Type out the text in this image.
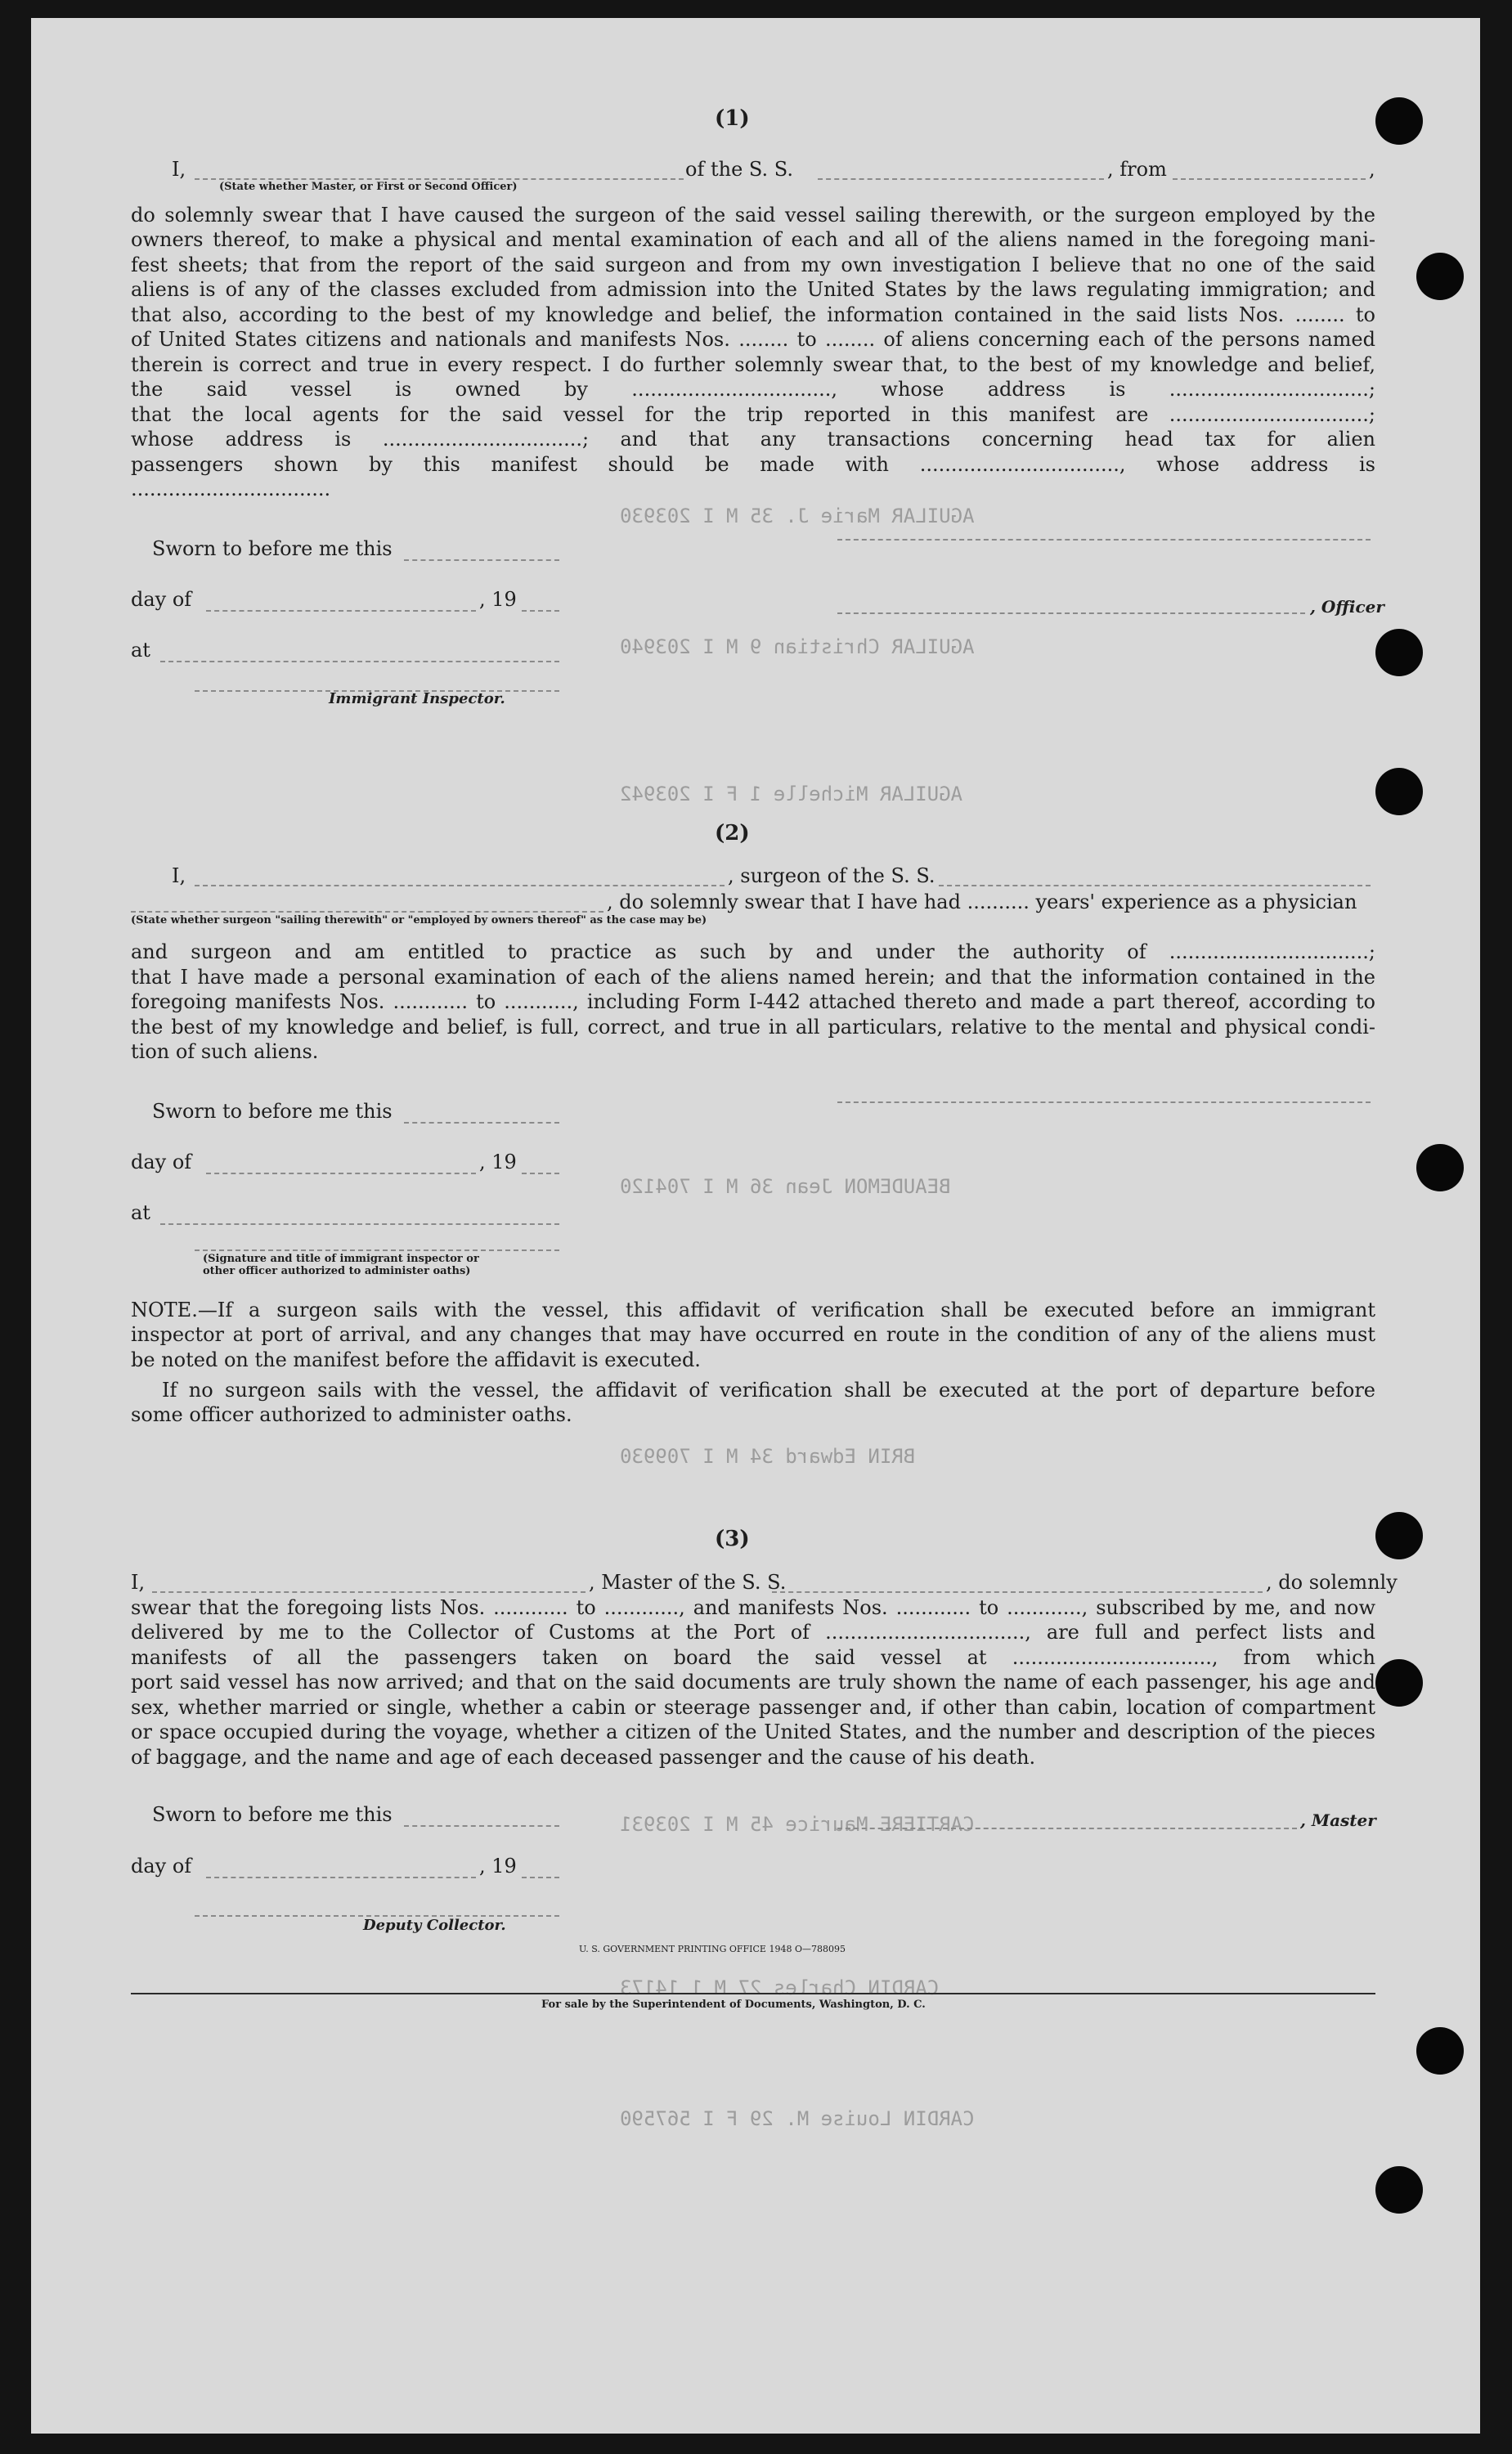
AGUILAR Marie J. 35 M I 203930
AGUILAR Christian 9 M I 203940
AGUILAR Michelle 1 F I 203942
BEAUDEMON Jean 36 M I 704120
BRIN Edward 34 M I 709930
CARTIERE Maurice 45 M I 203931
CARDIN Charles 27 M 1 14173
CARDIN Louise M. 29 F I 567590
(1)
I,	of the S. S.	, from	,
(State whether Master, or First or Second Officer)
do solemnly swear that I have caused the surgeon of the said vessel sailing therewith, or the surgeon employed by the
owners thereof, to make a physical and mental examination of each and all of the aliens named in the foregoing mani-
fest sheets; that from the report of the said surgeon and from my own investigation I believe that no one of the said
aliens is of any of the classes excluded from admission into the United States by the laws regulating immigration; and
that also, according to the best of my knowledge and belief, the information contained in the said lists Nos. ........ to
of United States citizens and nationals and manifests Nos. ........ to ........ of aliens concerning each of the persons named
therein is correct and true in every respect. I do further solemnly swear that, to the best of my knowledge and belief,
the said vessel is owned by ................................, whose address is ................................;
that the local agents for the said vessel for the trip reported in this manifest are ................................;
whose address is ................................; and that any transactions concerning head tax for alien
passengers shown by this manifest should be made with ................................, whose address is
................................
Sworn to before me this
day of	, 19
at
, Officer
Immigrant Inspector.
(2)
I,	, surgeon of the S. S.
, do solemnly swear that I have had .......... years' experience as a physician
(State whether surgeon "sailing therewith" or "employed by owners thereof" as the case may be)
and surgeon and am entitled to practice as such by and under the authority of ................................;
that I have made a personal examination of each of the aliens named herein; and that the information contained in the
foregoing manifests Nos. ............ to ..........., including Form I-442 attached thereto and made a part thereof, according to
the best of my knowledge and belief, is full, correct, and true in all particulars, relative to the mental and physical condi-
tion of such aliens.
Sworn to before me this
day of	, 19
at
(Signature and title of immigrant inspector or
other officer authorized to administer oaths)
NOTE.—If a surgeon sails with the vessel, this affidavit of verification shall be executed before an immigrant
inspector at port of arrival, and any changes that may have occurred en route in the condition of any of the aliens must
be noted on the manifest before the affidavit is executed.
If no surgeon sails with the vessel, the affidavit of verification shall be executed at the port of departure before
some officer authorized to administer oaths.
(3)
I,	, Master of the S. S.	, do solemnly
swear that the foregoing lists Nos. ............ to ............, and manifests Nos. ............ to ............, subscribed by me, and now
delivered by me to the Collector of Customs at the Port of ................................, are full and perfect lists and
manifests of all the passengers taken on board the said vessel at ................................, from which
port said vessel has now arrived; and that on the said documents are truly shown the name of each passenger, his age and
sex, whether married or single, whether a cabin or steerage passenger and, if other than cabin, location of compartment
or space occupied during the voyage, whether a citizen of the United States, and the number and description of the pieces
of baggage, and the name and age of each deceased passenger and the cause of his death.
Sworn to before me this	, Master
day of	, 19
Deputy Collector.
U. S. GOVERNMENT PRINTING OFFICE 1948 O—788095
For sale by the Superintendent of Documents, Washington, D. C.
